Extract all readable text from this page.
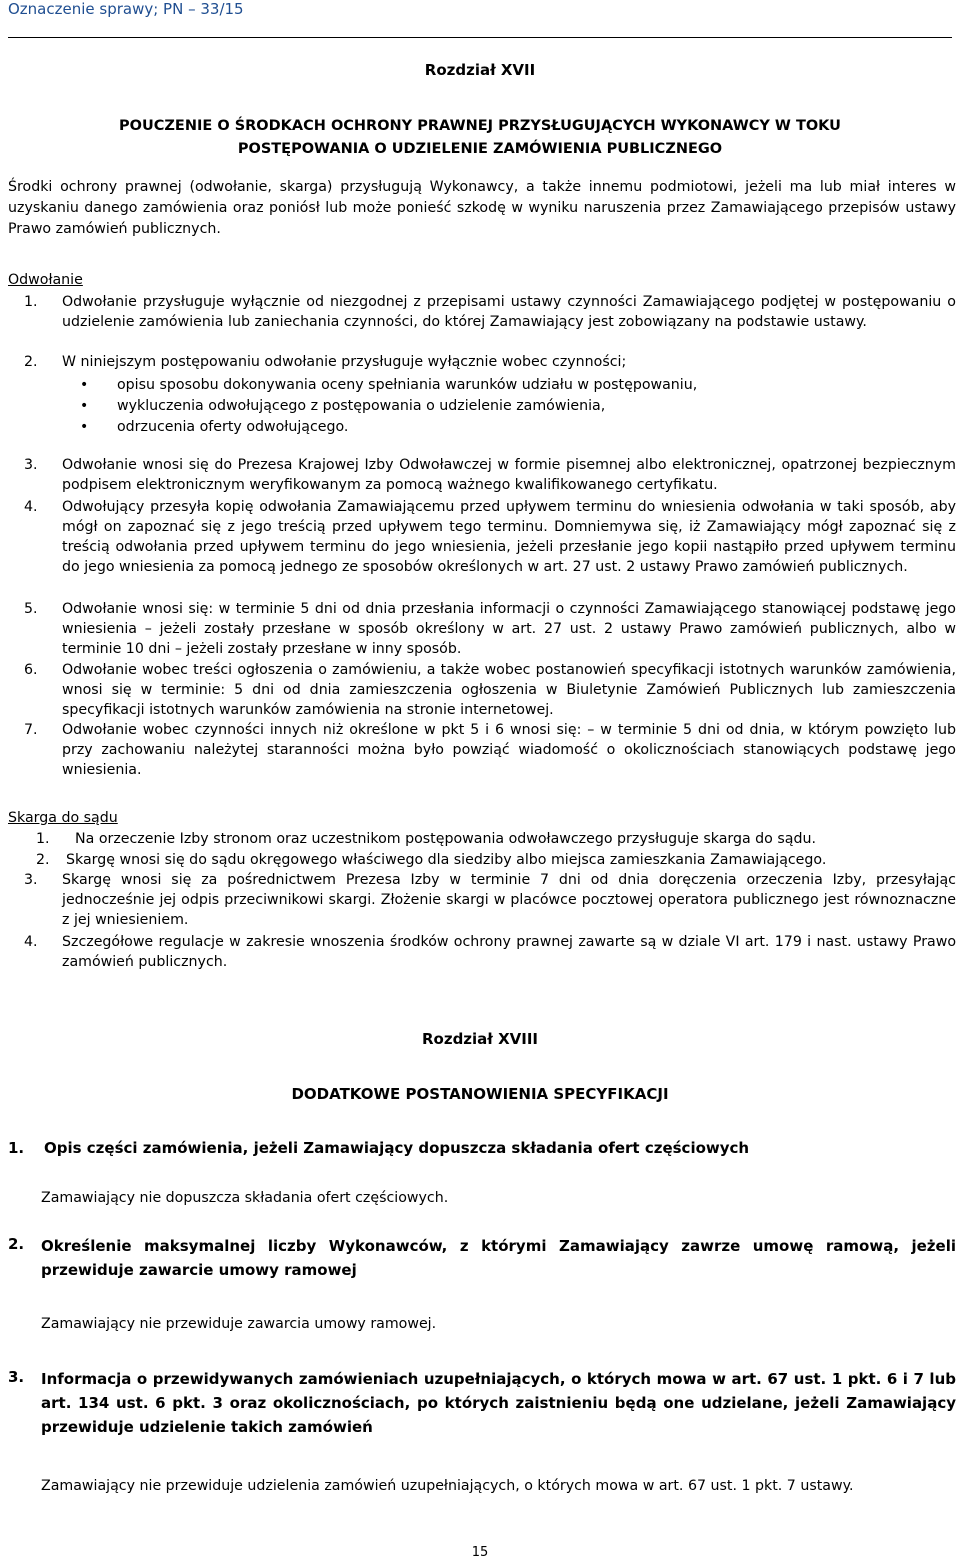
Oznaczenie sprawy; PN – 33/15
Rozdział XVII
POUCZENIE O ŚRODKACH OCHRONY PRAWNEJ PRZYSŁUGUJĄCYCH WYKONAWCY W TOKU
POSTĘPOWANIA O UDZIELENIE ZAMÓWIENIA PUBLICZNEGO
Środki ochrony prawnej (odwołanie, skarga) przysługują Wykonawcy, a także innemu podmiotowi, jeżeli ma lub miał interes w uzyskaniu danego zamówienia oraz poniósł lub może ponieść szkodę w wyniku naruszenia przez Zamawiającego przepisów ustawy Prawo zamówień publicznych.
Odwołanie
1. Odwołanie przysługuje wyłącznie od niezgodnej z przepisami ustawy czynności Zamawiającego podjętej w postępowaniu o udzielenie zamówienia lub zaniechania czynności, do której Zamawiający jest zobowiązany na podstawie ustawy.
2. W niniejszym postępowaniu odwołanie przysługuje wyłącznie wobec czynności;
• opisu sposobu dokonywania oceny spełniania warunków udziału w postępowaniu,
• wykluczenia odwołującego z postępowania o udzielenie zamówienia,
• odrzucenia oferty odwołującego.
3. Odwołanie wnosi się do Prezesa Krajowej Izby Odwoławczej w formie pisemnej albo elektronicznej, opatrzonej bezpiecznym podpisem elektronicznym weryfikowanym za pomocą ważnego kwalifikowanego certyfikatu.
4. Odwołujący przesyła kopię odwołania Zamawiającemu przed upływem terminu do wniesienia odwołania w taki sposób, aby mógł on zapoznać się z jego treścią przed upływem tego terminu. Domniemywa się, iż Zamawiający mógł zapoznać się z treścią odwołania przed upływem terminu do jego wniesienia, jeżeli przesłanie jego kopii nastąpiło przed upływem terminu do jego wniesienia za pomocą jednego ze sposobów określonych w art. 27 ust. 2 ustawy Prawo zamówień publicznych.
5. Odwołanie wnosi się: w terminie 5 dni od dnia przesłania informacji o czynności Zamawiającego stanowiącej podstawę jego wniesienia – jeżeli zostały przesłane w sposób określony w art. 27 ust. 2 ustawy Prawo zamówień publicznych, albo w terminie 10 dni – jeżeli zostały przesłane w inny sposób.
6. Odwołanie wobec treści ogłoszenia o zamówieniu, a także wobec postanowień specyfikacji istotnych warunków zamówienia, wnosi się w terminie: 5 dni od dnia zamieszczenia ogłoszenia w Biuletynie Zamówień Publicznych lub zamieszczenia specyfikacji istotnych warunków zamówienia na stronie internetowej.
7. Odwołanie wobec czynności innych niż określone w pkt 5 i 6 wnosi się: – w terminie 5 dni od dnia, w którym powzięto lub przy zachowaniu należytej staranności można było powziąć wiadomość o okolicznościach stanowiących podstawę jego wniesienia.
Skarga do sądu
1. Na orzeczenie Izby stronom oraz uczestnikom postępowania odwoławczego przysługuje skarga do sądu.
2. Skargę wnosi się do sądu okręgowego właściwego dla siedziby albo miejsca zamieszkania Zamawiającego.
3. Skargę wnosi się za pośrednictwem Prezesa Izby w terminie 7 dni od dnia doręczenia orzeczenia Izby, przesyłając jednocześnie jej odpis przeciwnikowi skargi. Złożenie skargi w placówce pocztowej operatora publicznego jest równoznaczne z jej wniesieniem.
4. Szczegółowe regulacje w zakresie wnoszenia środków ochrony prawnej zawarte są w dziale VI art. 179 i nast. ustawy Prawo zamówień publicznych.
Rozdział XVIII
DODATKOWE POSTANOWIENIA SPECYFIKACJI
1. Opis części zamówienia, jeżeli Zamawiający dopuszcza składania ofert częściowych
Zamawiający nie dopuszcza składania ofert częściowych.
2. Określenie maksymalnej liczby Wykonawców, z którymi Zamawiający zawrze umowę ramową, jeżeli przewiduje zawarcie umowy ramowej
Zamawiający nie przewiduje zawarcia umowy ramowej.
3. Informacja o przewidywanych zamówieniach uzupełniających, o których mowa w art. 67 ust. 1 pkt. 6 i 7 lub art. 134 ust. 6 pkt. 3 oraz okolicznościach, po których zaistnieniu będą one udzielane, jeżeli Zamawiający przewiduje udzielenie takich zamówień
Zamawiający nie przewiduje udzielenia zamówień uzupełniających, o których mowa w art. 67 ust. 1 pkt. 7 ustawy.
15
